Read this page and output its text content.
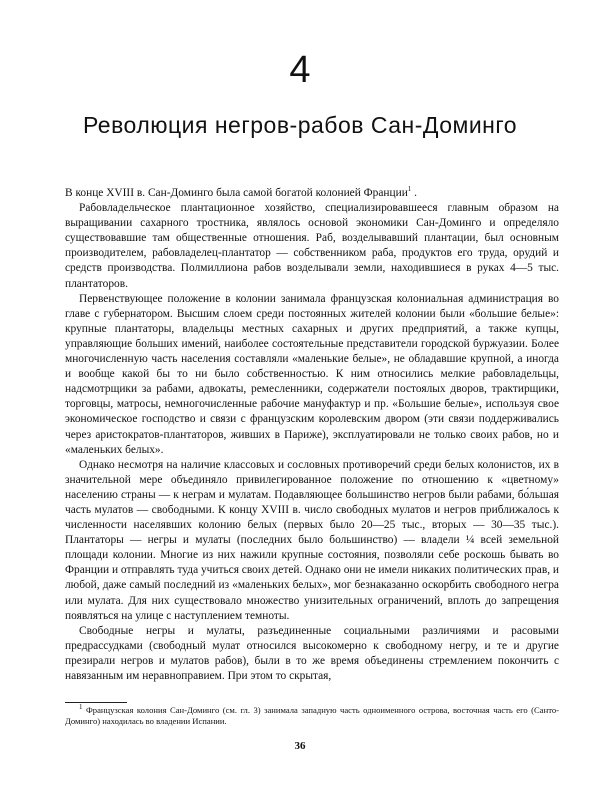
4
Революция негров-рабов Сан-Доминго

В конце XVIII в. Сан-Доминго была самой богатой колонией Франции$^1$ .

Рабовладельческое плантационное хозяйство, специализировавшееся главным образом на выращивании сахарного тростника, являлось основой экономики Сан-Доминго и определяло существовавшие там общественные отношения. Раб, возделывавший плантации, был основным производителем, рабовладелец-плантатор — собственником раба, продуктов его труда, орудий и средств производства. Полмиллиона рабов возделывали земли, находившиеся в руках 4—5 тыс. плантаторов.

Первенствующее положение в колонии занимала французская колониальная администрация во главе с губернатором. Высшим слоем среди постоянных жителей колонии были «большие белые»: крупные плантаторы, владельцы местных сахарных и других предприятий, а также купцы, управляющие больших имений, наиболее состоятельные представители городской буржуазии. Более многочисленную часть населения составляли «маленькие белые», не обладавшие крупной, а иногда и вообще какой бы то ни было собственностью. К ним относились мелкие рабовладельцы, надсмотрщики за рабами, адвокаты, ремесленники, содержатели постоялых дворов, трактирщики, торговцы, матросы, немногочисленные рабочие мануфактур и пр. «Большие белые», используя свое экономическое господство и связи с французским королевским двором (эти связи поддерживались через аристократов-плантаторов, живших в Париже), эксплуатировали не только своих рабов, но и «маленьких белых».

Однако несмотря на наличие классовых и сословных противоречий среди белых колонистов, их в значительной мере объединяло привилегированное положение по отношению к «цветному» населению страны — к неграм и мулатам. Подавляющее большинство негров были рабами, бо́льшая часть мулатов — свободными. К концу XVIII в. число свободных мулатов и негров приближалось к численности населявших колонию белых (первых было 20—25 тыс., вторых — 30—35 тыс.). Плантаторы — негры и мулаты (последних было большинство) — владели ¼ всей земельной площади колонии. Многие из них нажили крупные состояния, позволяли себе роскошь бывать во Франции и отправлять туда учиться своих детей. Однако они не имели никаких политических прав, и любой, даже самый последний из «маленьких белых», мог безнаказанно оскорбить свободного негра или мулата. Для них существовало множество унизительных ограничений, вплоть до запрещения появляться на улице с наступлением темноты.

Свободные негры и мулаты, разъединенные социальными различиями и расовыми предрассудками (свободный мулат относился высокомерно к свободному негру, и те и другие презирали негров и мулатов рабов), были в то же время объединены стремлением покончить с навязанным им неравноправием. При этом то скрытая,

$^1$ Французская колония Сан-Доминго (см. гл. 3) занимала западную часть одноименного острова, восточная часть его (Санто-Доминго) находилась во владении Испании.

36
